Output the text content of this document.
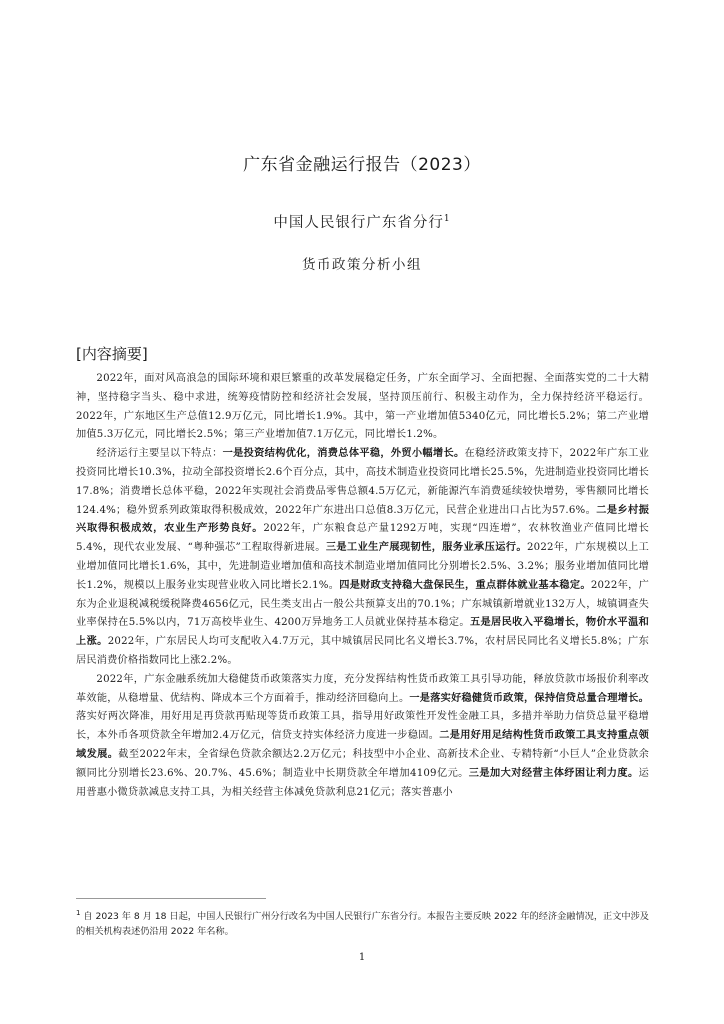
广东省金融运行报告（2023）
中国人民银行广东省分行$^1$
货币政策分析小组
[内容摘要]

2022年，面对风高浪急的国际环境和艰巨繁重的改革发展稳定任务，广东全面学习、全面把握、全面落实党的二十大精神，坚持稳字当头、稳中求进，统筹疫情防控和经济社会发展，坚持顶压前行、积极主动作为，全力保持经济平稳运行。2022年，广东地区生产总值12.9万亿元，同比增长1.9%。其中，第一产业增加值5340亿元，同比增长5.2%；第二产业增加值5.3万亿元，同比增长2.5%；第三产业增加值7.1万亿元，同比增长1.2%。

经济运行主要呈以下特点：一是投资结构优化，消费总体平稳，外贸小幅增长。在稳经济政策支持下，2022年广东工业投资同比增长10.3%，拉动全部投资增长2.6个百分点，其中，高技术制造业投资同比增长25.5%，先进制造业投资同比增长17.8%；消费增长总体平稳，2022年实现社会消费品零售总额4.5万亿元，新能源汽车消费延续较快增势，零售额同比增长124.4%；稳外贸系列政策取得积极成效，2022年广东进出口总值8.3万亿元，民营企业进出口占比为57.6%。二是乡村振兴取得积极成效，农业生产形势良好。2022年，广东粮食总产量1292万吨，实现“四连增”，农林牧渔业产值同比增长5.4%，现代农业发展、“粤种强芯”工程取得新进展。三是工业生产展现韧性，服务业承压运行。2022年，广东规模以上工业增加值同比增长1.6%，其中，先进制造业增加值和高技术制造业增加值同比分别增长2.5%、3.2%；服务业增加值同比增长1.2%，规模以上服务业实现营业收入同比增长2.1%。四是财政支持稳大盘保民生，重点群体就业基本稳定。2022年，广东为企业退税减税缓税降费4656亿元，民生类支出占一般公共预算支出的70.1%；广东城镇新增就业132万人，城镇调查失业率保持在5.5%以内，71万高校毕业生、4200万异地务工人员就业保持基本稳定。五是居民收入平稳增长，物价水平温和上涨。2022年，广东居民人均可支配收入4.7万元，其中城镇居民同比名义增长3.7%，农村居民同比名义增长5.8%；广东居民消费价格指数同比上涨2.2%。

2022年，广东金融系统加大稳健货币政策落实力度，充分发挥结构性货币政策工具引导功能，释放贷款市场报价利率改革效能，从稳增量、优结构、降成本三个方面着手，推动经济回稳向上。一是落实好稳健货币政策，保持信贷总量合理增长。落实好两次降准，用好用足再贷款再贴现等货币政策工具，指导用好政策性开发性金融工具，多措并举助力信贷总量平稳增长，本外币各项贷款全年增加2.4万亿元，信贷支持实体经济力度进一步稳固。二是用好用足结构性货币政策工具支持重点领域发展。截至2022年末，全省绿色贷款余额达2.2万亿元；科技型中小企业、高新技术企业、专精特新“小巨人”企业贷款余额同比分别增长23.6%、20.7%、45.6%；制造业中长期贷款全年增加4109亿元。三是加大对经营主体纾困让利力度。运用普惠小微贷款减息支持工具，为相关经营主体减免贷款利息21亿元；落实普惠小

$^1$ 自 2023 年 8 月 18 日起，中国人民银行广州分行改名为中国人民银行广东省分行。本报告主要反映 2022 年的经济金融情况，正文中涉及的相关机构表述仍沿用 2022 年名称。
1
